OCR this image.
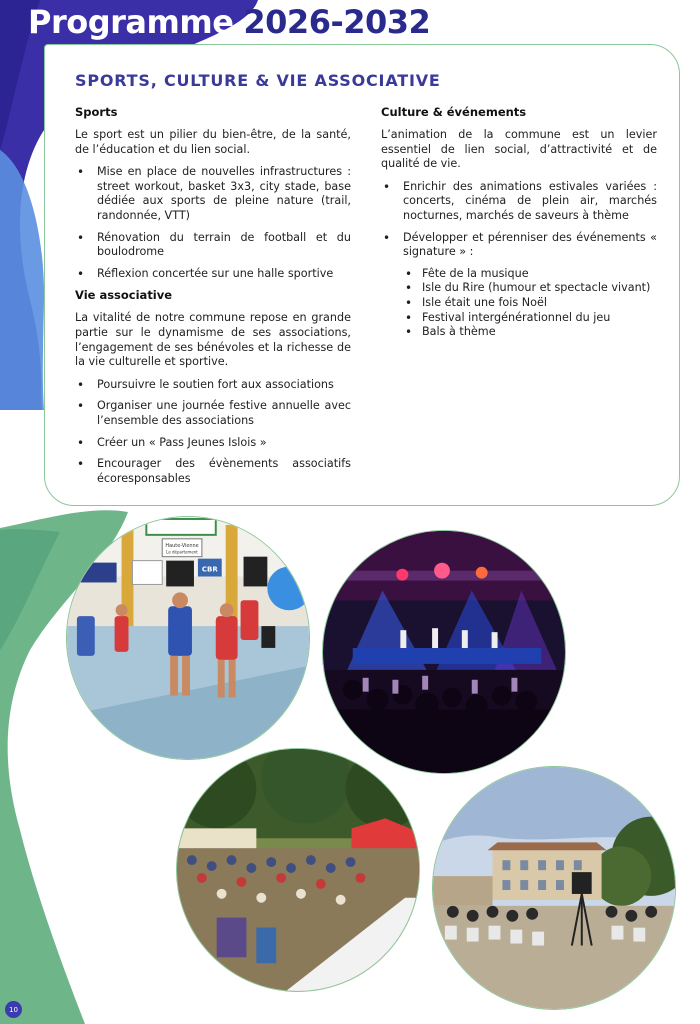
Programme 2026-2032
SPORTS, CULTURE & VIE ASSOCIATIVE
Sports

Le sport est un pilier du bien-être, de la santé, de l’éducation et du lien social.

• Mise en place de nouvelles infrastructures : street workout, basket 3x3, city stade, base dédiée aux sports de pleine nature (trail, randonnée, VTT)
• Rénovation du terrain de football et du boulodrome
• Réflexion concertée sur une halle sportive
Vie associative

La vitalité de notre commune repose en grande partie sur le dynamisme de ses associations, l’engagement de ses bénévoles et la richesse de la vie culturelle et sportive.

• Poursuivre le soutien fort aux associations
• Organiser une journée festive annuelle avec l’ensemble des associations
• Créer un « Pass Jeunes Islois »
• Encourager des évènements associatifs écoresponsables
Culture & événements

L’animation de la commune est un levier essentiel de lien social, d’attractivité et de qualité de vie.

• Enrichir des animations estivales variées : concerts, cinéma de plein air, marchés nocturnes, marchés de saveurs à thème
• Développer et pérenniser des événements « signature » :
• Fête de la musique
• Isle du Rire (humour et spectacle vivant)
• Isle était une fois Noël
• Festival intergénérationnel du jeu
• Bals à thème
Haute-Vienne
Le département
CBR
10
